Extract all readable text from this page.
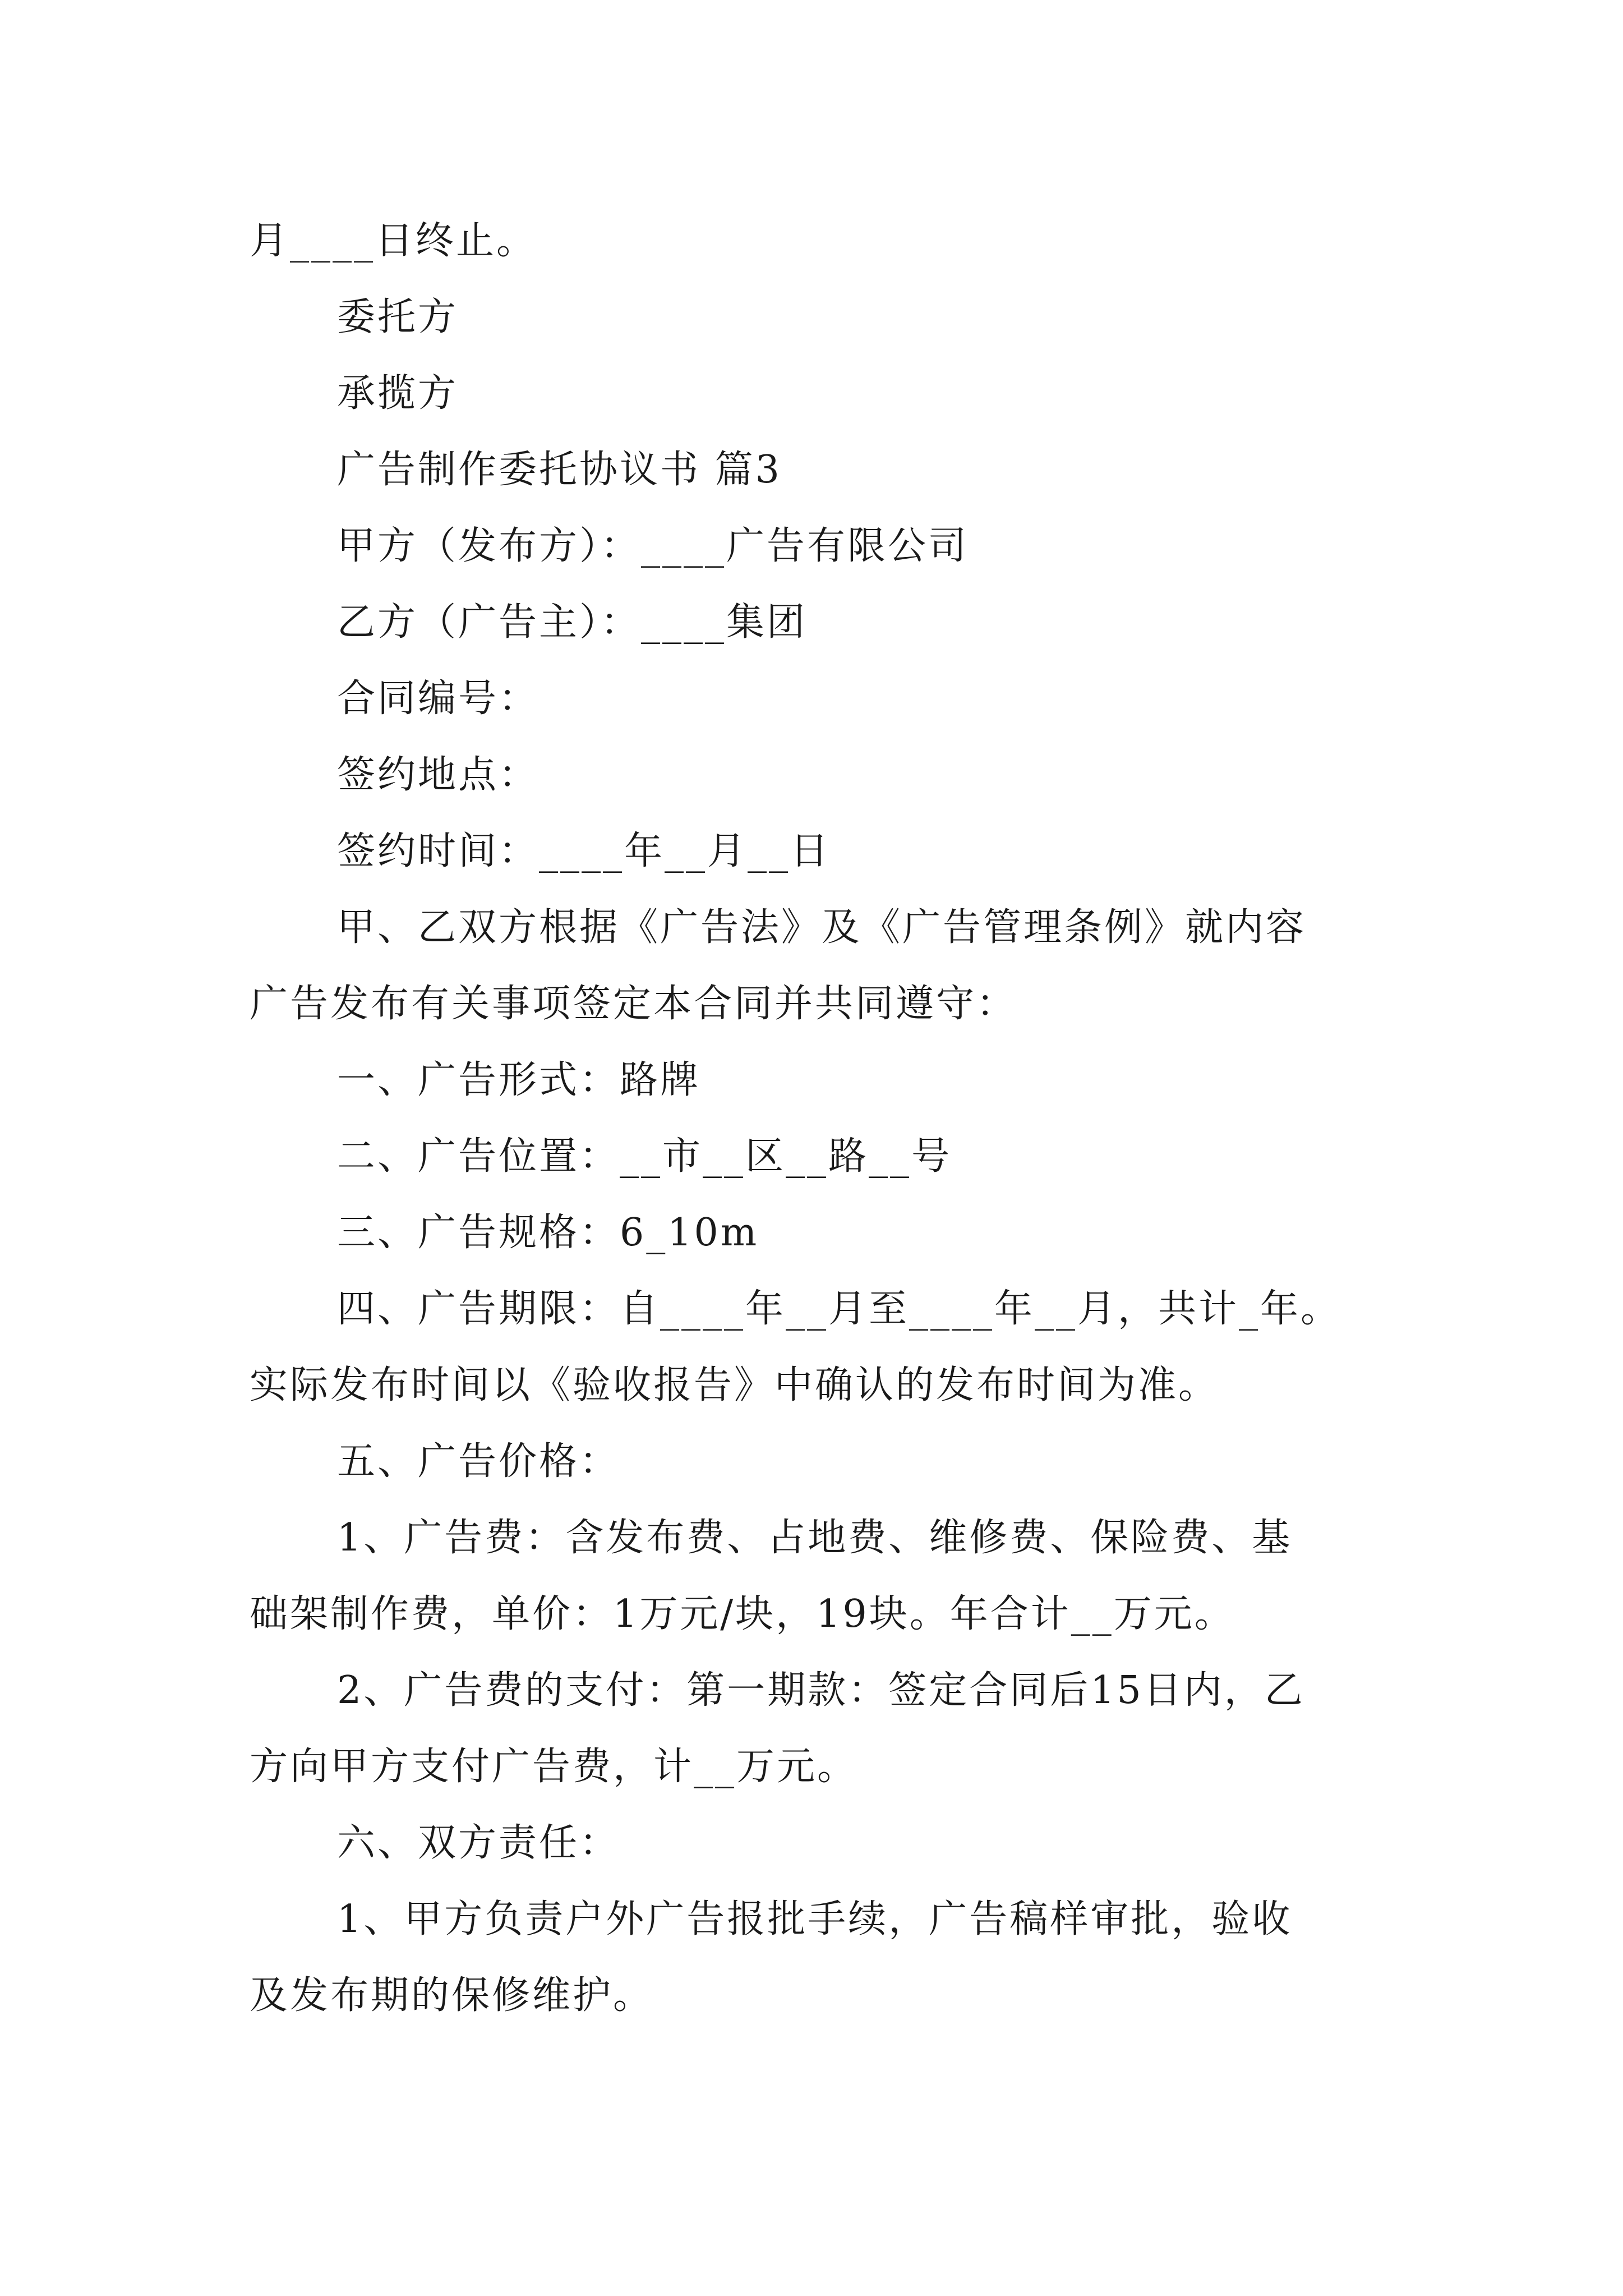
月____日终止。
委托方
承揽方
广告制作委托协议书 篇3
甲方（发布方）：____广告有限公司
乙方（广告主）：____集团
合同编号：
签约地点：
签约时间：____年__月__日
甲、乙双方根据《广告法》及《广告管理条例》就内容
广告发布有关事项签定本合同并共同遵守：
一、广告形式：路牌
二、广告位置：__市__区__路__号
三、广告规格：6_10m
四、广告期限：自____年__月至____年__月，共计_年。
实际发布时间以《验收报告》中确认的发布时间为准。
五、广告价格：
1、广告费：含发布费、占地费、维修费、保险费、基
础架制作费，单价：1万元/块，19块。年合计__万元。
2、广告费的支付：第一期款：签定合同后15日内，乙
方向甲方支付广告费，计__万元。
六、双方责任：
1、甲方负责户外广告报批手续，广告稿样审批，验收
及发布期的保修维护。
